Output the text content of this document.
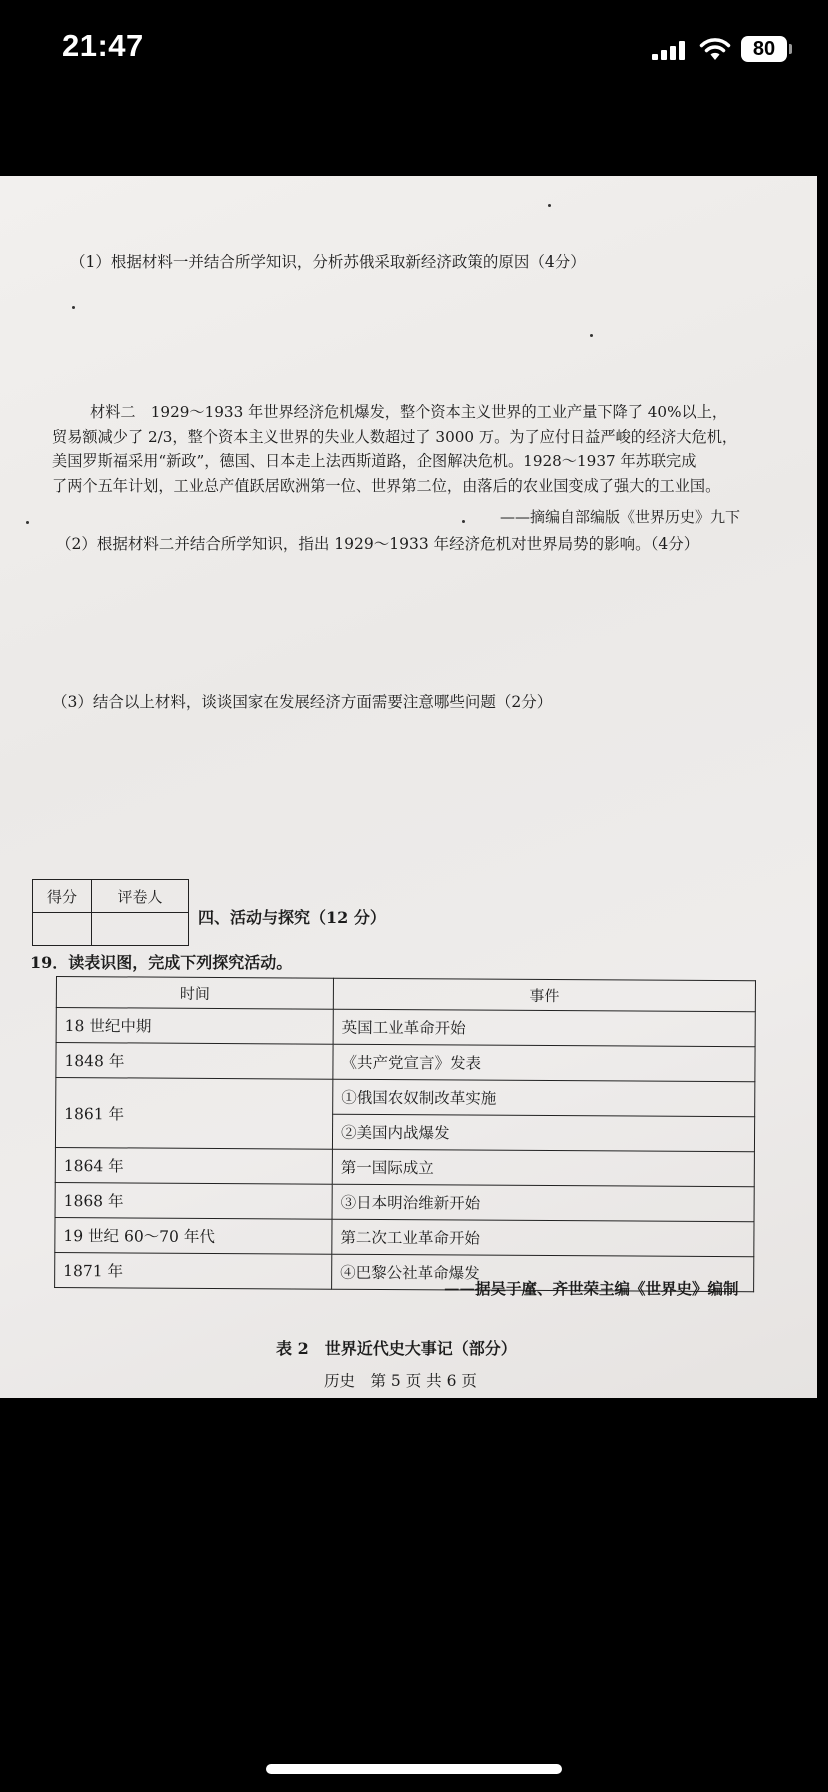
21:47	80
（1）根据材料一并结合所学知识，分析苏俄采取新经济政策的原因（4分）

材料二　1929～1933 年世界经济危机爆发，整个资本主义世界的工业产量下降了 40%以上，

贸易额减少了 2/3，整个资本主义世界的失业人数超过了 3000 万。为了应付日益严峻的经济大危机，

美国罗斯福采用“新政”，德国、日本走上法西斯道路，企图解决危机。1928～1937 年苏联完成

了两个五年计划，工业总产值跃居欧洲第一位、世界第二位，由落后的农业国变成了强大的工业国。

——摘编自部编版《世界历史》九下
（2）根据材料二并结合所学知识，指出 1929～1933 年经济危机对世界局势的影响。（4分）
（3）结合以上材料，谈谈国家在发展经济方面需要注意哪些问题（2分）
得分	评卷人

四、活动与探究（12 分）
19．读表识图，完成下列探究活动。
时间	事件
18 世纪中期	英国工业革命开始
1848 年	《共产党宣言》发表
1861 年	①俄国农奴制改革实施
	②美国内战爆发
1864 年	第一国际成立
1868 年	③日本明治维新开始
19 世纪 60～70 年代	第二次工业革命开始
1871 年	④巴黎公社革命爆发
——据吴于廑、齐世荣主编《世界史》编制
表 2　世界近代史大事记（部分）
历史　第 5 页 共 6 页
